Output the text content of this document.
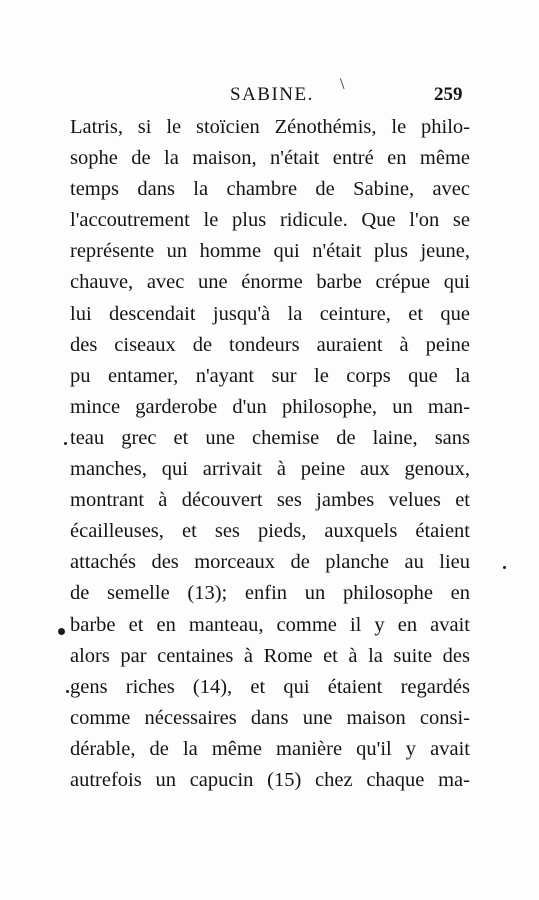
SABINE. \	259
Latris, si le stoïcien Zénothémis, le philo-
sophe de la maison, n'était entré en même
temps dans la chambre de Sabine, avec
l'accoutrement le plus ridicule. Que l'on se
représente un homme qui n'était plus jeune,
chauve, avec une énorme barbe crépue qui
lui descendait jusqu'à la ceinture, et que
des ciseaux de tondeurs auraient à peine
pu entamer, n'ayant sur le corps que la
mince garderobe d'un philosophe, un man-
teau grec et une chemise de laine, sans
manches, qui arrivait à peine aux genoux,
montrant à découvert ses jambes velues et
écailleuses, et ses pieds, auxquels étaient
attachés des morceaux de planche au lieu
de semelle (13); enfin un philosophe en
barbe et en manteau, comme il y en avait
alors par centaines à Rome et à la suite des
gens riches (14), et qui étaient regardés
comme nécessaires dans une maison consi-
dérable, de la même manière qu'il y avait
autrefois un capucin (15) chez chaque ma-
